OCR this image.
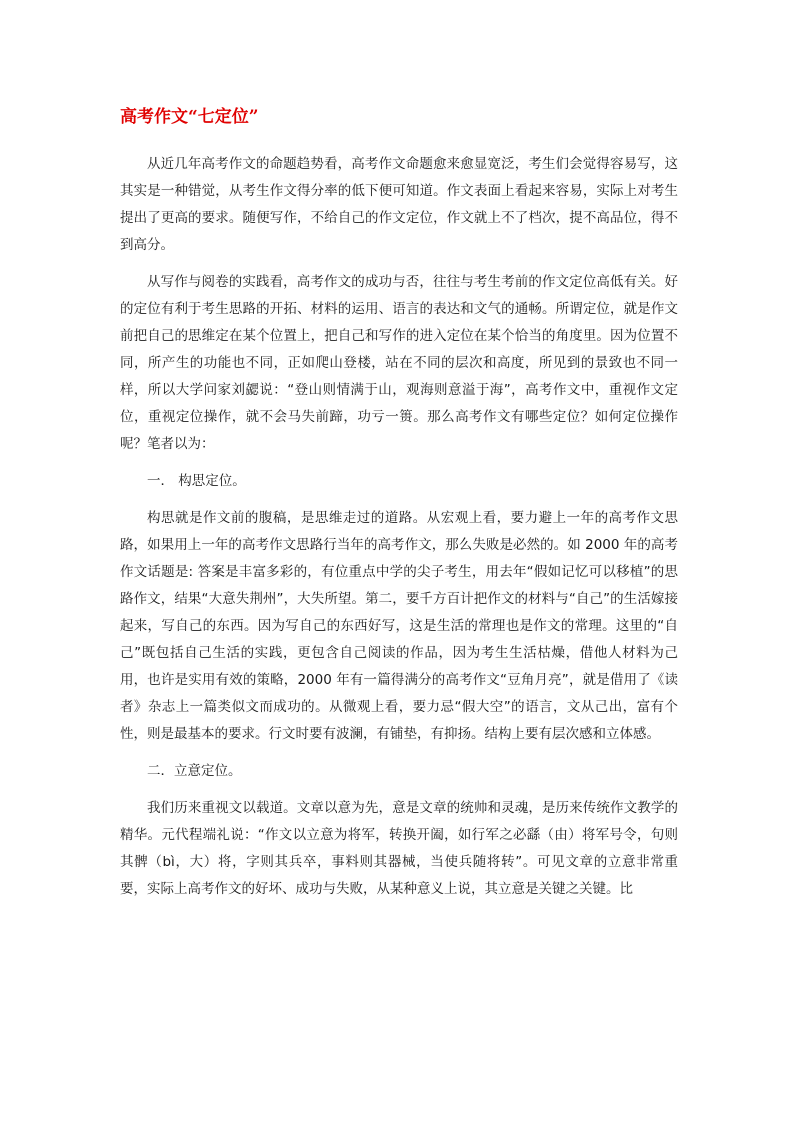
高考作文“七定位”

从近几年高考作文的命题趋势看，高考作文命题愈来愈显宽泛，考生们会觉得容易写，这其实是一种错觉，从考生作文得分率的低下便可知道。作文表面上看起来容易，实际上对考生提出了更高的要求。随便写作，不给自己的作文定位，作文就上不了档次，提不高品位，得不到高分。

从写作与阅卷的实践看，高考作文的成功与否，往往与考生考前的作文定位高低有关。好的定位有利于考生思路的开拓、材料的运用、语言的表达和文气的通畅。所谓定位，就是作文前把自己的思维定在某个位置上，把自己和写作的进入定位在某个恰当的角度里。因为位置不同，所产生的功能也不同，正如爬山登楼，站在不同的层次和高度，所见到的景致也不同一样，所以大学问家刘勰说：“登山则情满于山，观海则意溢于海”，高考作文中，重视作文定位，重视定位操作，就不会马失前蹄，功亏一篑。那么高考作文有哪些定位？如何定位操作呢？笔者以为：

一． 构思定位。

构思就是作文前的腹稿，是思维走过的道路。从宏观上看，要力避上一年的高考作文思路，如果用上一年的高考作文思路行当年的高考作文，那么失败是必然的。如 2000 年的高考作文话题是: 答案是丰富多彩的，有位重点中学的尖子考生，用去年“假如记忆可以移植”的思路作文，结果“大意失荆州”，大失所望。第二，要千方百计把作文的材料与“自己”的生活嫁接起来，写自己的东西。因为写自己的东西好写，这是生活的常理也是作文的常理。这里的“自己”既包括自己生活的实践，更包含自己阅读的作品，因为考生生活枯燥，借他人材料为己用，也许是实用有效的策略，2000 年有一篇得满分的高考作文“豆角月亮”，就是借用了《读者》杂志上一篇类似文而成功的。从微观上看，要力忌“假大空”的语言，文从己出，富有个性，则是最基本的要求。行文时要有波澜，有铺垫，有抑扬。结构上要有层次感和立体感。

二．立意定位。

我们历来重视文以载道。文章以意为先，意是文章的统帅和灵魂，是历来传统作文教学的精华。元代程端礼说：“作文以立意为将军，转换开阖，如行军之必繇（由）将军号令，句则其髀（bì，大）将，字则其兵卒，事料则其器械，当使兵随将转”。可见文章的立意非常重要，实际上高考作文的好坏、成功与失败，从某种意义上说，其立意是关键之关键。比
